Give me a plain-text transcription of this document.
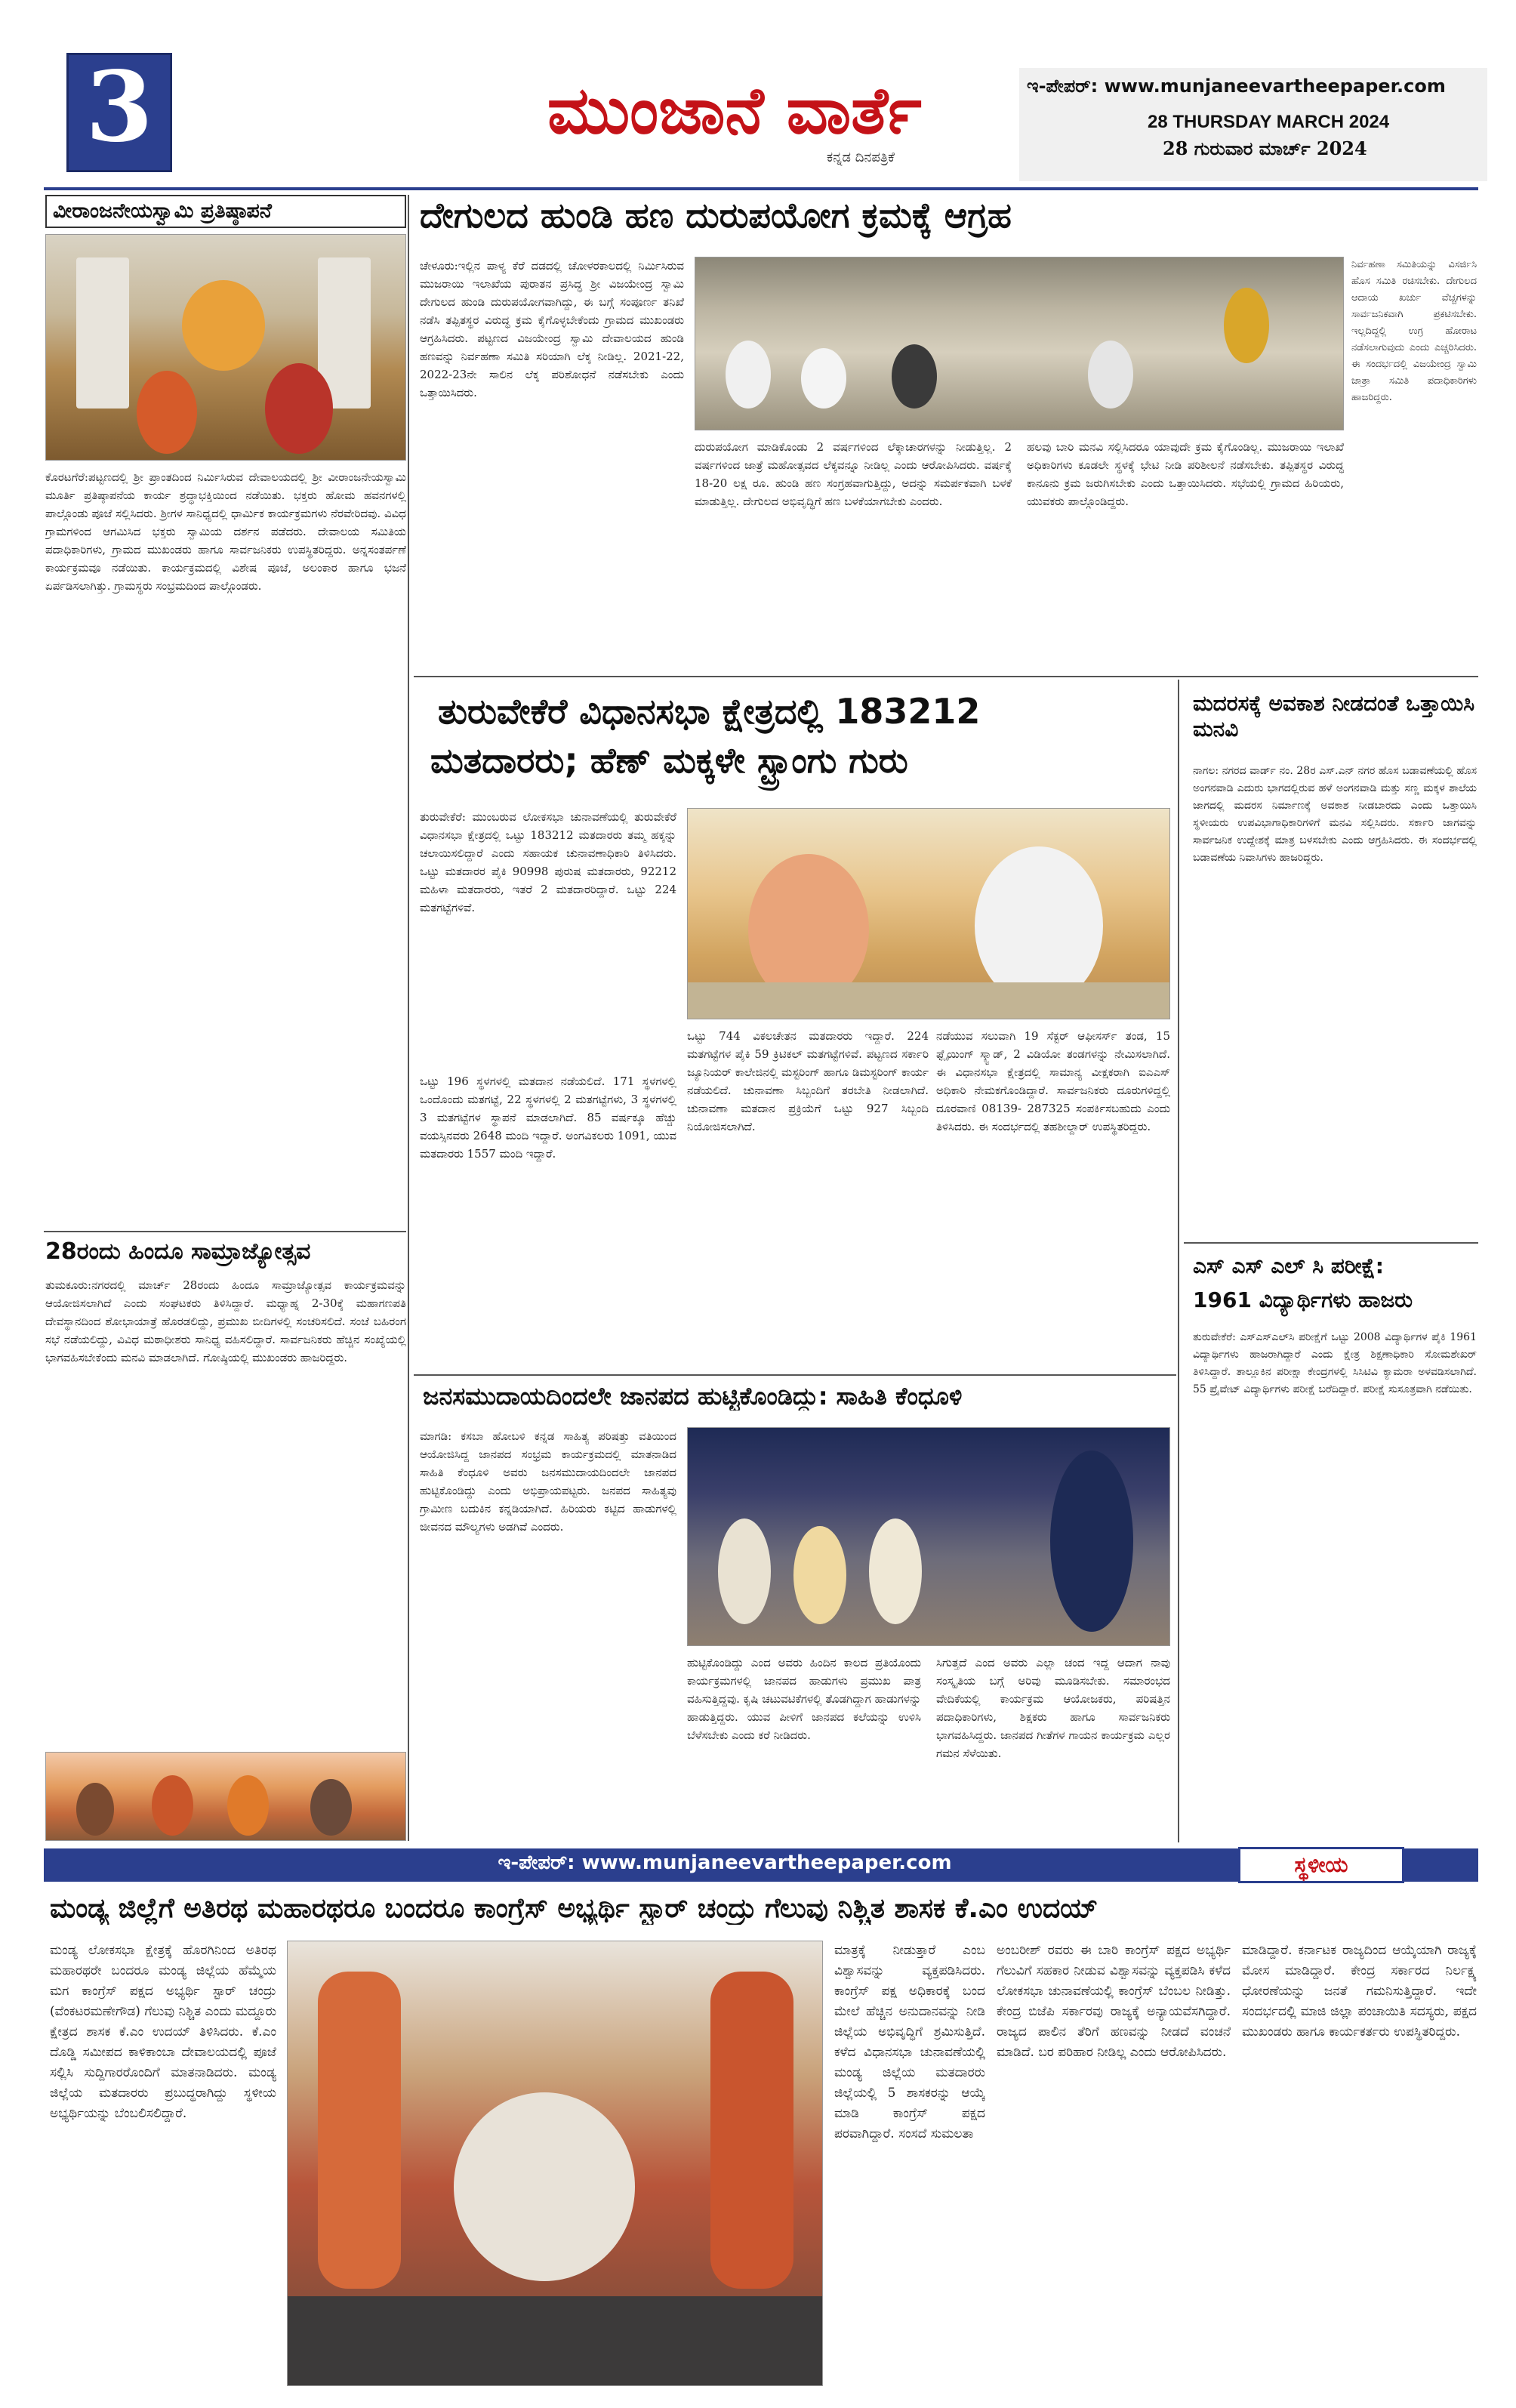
3	ಮುಂಜಾನೆ ವಾರ್ತೆ
ಕನ್ನಡ ದಿನಪತ್ರಿಕೆ
ಇ-ಪೇಪರ್: www.munjaneevartheepaper.com
28 THURSDAY MARCH 2024
28 ಗುರುವಾರ ಮಾರ್ಚ್ 2024
ವೀರಾಂಜನೇಯಸ್ವಾಮಿ ಪ್ರತಿಷ್ಠಾಪನೆ
ಕೊರಟಗೆರೆ:ಪಟ್ಟಣದಲ್ಲಿ ಶ್ರೀ ಪ್ರಾಂತದಿಂದ ನಿರ್ಮಿಸಿರುವ ದೇವಾಲಯದಲ್ಲಿ ಶ್ರೀ ವೀರಾಂಜನೇಯಸ್ವಾಮಿ ಮೂರ್ತಿ ಪ್ರತಿಷ್ಠಾಪನೆಯ ಕಾರ್ಯ ಶ್ರದ್ಧಾಭಕ್ತಿಯಿಂದ ನಡೆಯಿತು. ಭಕ್ತರು ಹೋಮ ಹವನಗಳಲ್ಲಿ ಪಾಲ್ಗೊಂಡು ಪೂಜೆ ಸಲ್ಲಿಸಿದರು. ಶ್ರೀಗಳ ಸಾನಿಧ್ಯದಲ್ಲಿ ಧಾರ್ಮಿಕ ಕಾರ್ಯಕ್ರಮಗಳು ನೆರವೇರಿದವು. ವಿವಿಧ ಗ್ರಾಮಗಳಿಂದ ಆಗಮಿಸಿದ ಭಕ್ತರು ಸ್ವಾಮಿಯ ದರ್ಶನ ಪಡೆದರು. ದೇವಾಲಯ ಸಮಿತಿಯ ಪದಾಧಿಕಾರಿಗಳು, ಗ್ರಾಮದ ಮುಖಂಡರು ಹಾಗೂ ಸಾರ್ವಜನಿಕರು ಉಪಸ್ಥಿತರಿದ್ದರು. ಅನ್ನಸಂತರ್ಪಣೆ ಕಾರ್ಯಕ್ರಮವೂ ನಡೆಯಿತು. ಕಾರ್ಯಕ್ರಮದಲ್ಲಿ ವಿಶೇಷ ಪೂಜೆ, ಅಲಂಕಾರ ಹಾಗೂ ಭಜನೆ ಏರ್ಪಡಿಸಲಾಗಿತ್ತು. ಗ್ರಾಮಸ್ಥರು ಸಂಭ್ರಮದಿಂದ ಪಾಲ್ಗೊಂಡರು.
28ರಂದು ಹಿಂದೂ ಸಾಮ್ರಾಜ್ಯೋತ್ಸವ
ತುಮಕೂರು:ನಗರದಲ್ಲಿ ಮಾರ್ಚ್ 28ರಂದು ಹಿಂದೂ ಸಾಮ್ರಾಜ್ಯೋತ್ಸವ ಕಾರ್ಯಕ್ರಮವನ್ನು ಆಯೋಜಿಸಲಾಗಿದೆ ಎಂದು ಸಂಘಟಕರು ತಿಳಿಸಿದ್ದಾರೆ. ಮಧ್ಯಾಹ್ನ 2-30ಕ್ಕೆ ಮಹಾಗಣಪತಿ ದೇವಸ್ಥಾನದಿಂದ ಶೋಭಾಯಾತ್ರೆ ಹೊರಡಲಿದ್ದು, ಪ್ರಮುಖ ಬೀದಿಗಳಲ್ಲಿ ಸಂಚರಿಸಲಿದೆ. ಸಂಜೆ ಬಹಿರಂಗ ಸಭೆ ನಡೆಯಲಿದ್ದು, ವಿವಿಧ ಮಠಾಧೀಶರು ಸಾನಿಧ್ಯ ವಹಿಸಲಿದ್ದಾರೆ. ಸಾರ್ವಜನಿಕರು ಹೆಚ್ಚಿನ ಸಂಖ್ಯೆಯಲ್ಲಿ ಭಾಗವಹಿಸಬೇಕೆಂದು ಮನವಿ ಮಾಡಲಾಗಿದೆ. ಗೋಷ್ಠಿಯಲ್ಲಿ ಮುಖಂಡರು ಹಾಜರಿದ್ದರು.
ದೇಗುಲದ ಹುಂಡಿ ಹಣ ದುರುಪಯೋಗ ಕ್ರಮಕ್ಕೆ ಆಗ್ರಹ
ಚೇಳೂರು:ಇಲ್ಲಿನ ಪಾಳ್ಯ ಕೆರೆ ದಡದಲ್ಲಿ ಚೋಳರಕಾಲದಲ್ಲಿ ನಿರ್ಮಿಸಿರುವ ಮುಜರಾಯಿ ಇಲಾಖೆಯ ಪುರಾತನ ಪ್ರಸಿದ್ಧ ಶ್ರೀ ವಿಜಯೇಂದ್ರ ಸ್ವಾಮಿ ದೇಗುಲದ ಹುಂಡಿ ದುರುಪಯೋಗವಾಗಿದ್ದು, ಈ ಬಗ್ಗೆ ಸಂಪೂರ್ಣ ತನಿಖೆ ನಡೆಸಿ ತಪ್ಪಿತಸ್ಥರ ವಿರುದ್ಧ ಕ್ರಮ ಕೈಗೊಳ್ಳಬೇಕೆಂದು ಗ್ರಾಮದ ಮುಖಂಡರು ಆಗ್ರಹಿಸಿದರು. ಪಟ್ಟಣದ ವಿಜಯೇಂದ್ರ ಸ್ವಾಮಿ ದೇವಾಲಯದ ಹುಂಡಿ ಹಣವನ್ನು ನಿರ್ವಹಣಾ ಸಮಿತಿ ಸರಿಯಾಗಿ ಲೆಕ್ಕ ನೀಡಿಲ್ಲ. 2021-22, 2022-23ನೇ ಸಾಲಿನ ಲೆಕ್ಕ ಪರಿಶೋಧನೆ ನಡೆಸಬೇಕು ಎಂದು ಒತ್ತಾಯಿಸಿದರು.
ದುರುಪಯೋಗ ಮಾಡಿಕೊಂಡು 2 ವರ್ಷಗಳಿಂದ ಲೆಕ್ಕಾಚಾರಗಳನ್ನು ನೀಡುತ್ತಿಲ್ಲ. 2 ವರ್ಷಗಳಿಂದ ಜಾತ್ರೆ ಮಹೋತ್ಸವದ ಲೆಕ್ಕವನ್ನೂ ನೀಡಿಲ್ಲ ಎಂದು ಆರೋಪಿಸಿದರು. ವರ್ಷಕ್ಕೆ 18-20 ಲಕ್ಷ ರೂ. ಹುಂಡಿ ಹಣ ಸಂಗ್ರಹವಾಗುತ್ತಿದ್ದು, ಅದನ್ನು ಸಮರ್ಪಕವಾಗಿ ಬಳಕೆ ಮಾಡುತ್ತಿಲ್ಲ. ದೇಗುಲದ ಅಭಿವೃದ್ಧಿಗೆ ಹಣ ಬಳಕೆಯಾಗಬೇಕು ಎಂದರು.
ಹಲವು ಬಾರಿ ಮನವಿ ಸಲ್ಲಿಸಿದರೂ ಯಾವುದೇ ಕ್ರಮ ಕೈಗೊಂಡಿಲ್ಲ. ಮುಜರಾಯಿ ಇಲಾಖೆ ಅಧಿಕಾರಿಗಳು ಕೂಡಲೇ ಸ್ಥಳಕ್ಕೆ ಭೇಟಿ ನೀಡಿ ಪರಿಶೀಲನೆ ನಡೆಸಬೇಕು. ತಪ್ಪಿತಸ್ಥರ ವಿರುದ್ಧ ಕಾನೂನು ಕ್ರಮ ಜರುಗಿಸಬೇಕು ಎಂದು ಒತ್ತಾಯಿಸಿದರು. ಸಭೆಯಲ್ಲಿ ಗ್ರಾಮದ ಹಿರಿಯರು, ಯುವಕರು ಪಾಲ್ಗೊಂಡಿದ್ದರು.
ನಿರ್ವಹಣಾ ಸಮಿತಿಯನ್ನು ವಿಸರ್ಜಿಸಿ ಹೊಸ ಸಮಿತಿ ರಚಿಸಬೇಕು. ದೇಗುಲದ ಆದಾಯ ಖರ್ಚು ವೆಚ್ಚಗಳನ್ನು ಸಾರ್ವಜನಿಕವಾಗಿ ಪ್ರಕಟಿಸಬೇಕು. ಇಲ್ಲದಿದ್ದಲ್ಲಿ ಉಗ್ರ ಹೋರಾಟ ನಡೆಸಲಾಗುವುದು ಎಂದು ಎಚ್ಚರಿಸಿದರು. ಈ ಸಂದರ್ಭದಲ್ಲಿ ವಿಜಯೇಂದ್ರ ಸ್ವಾಮಿ ಜಾತ್ರಾ ಸಮಿತಿ ಪದಾಧಿಕಾರಿಗಳು ಹಾಜರಿದ್ದರು.
ತುರುವೇಕೆರೆ ವಿಧಾನಸಭಾ ಕ್ಷೇತ್ರದಲ್ಲಿ 183212
ಮತದಾರರು; ಹೆಣ್ ಮಕ್ಕಳೇ ಸ್ಟ್ರಾಂಗು ಗುರು
ತುರುವೇಕೆರೆ: ಮುಂಬರುವ ಲೋಕಸಭಾ ಚುನಾವಣೆಯಲ್ಲಿ ತುರುವೇಕೆರೆ ವಿಧಾನಸಭಾ ಕ್ಷೇತ್ರದಲ್ಲಿ ಒಟ್ಟು 183212 ಮತದಾರರು ತಮ್ಮ ಹಕ್ಕನ್ನು ಚಲಾಯಿಸಲಿದ್ದಾರೆ ಎಂದು ಸಹಾಯಕ ಚುನಾವಣಾಧಿಕಾರಿ ತಿಳಿಸಿದರು. ಒಟ್ಟು ಮತದಾರರ ಪೈಕಿ 90998 ಪುರುಷ ಮತದಾರರು, 92212 ಮಹಿಳಾ ಮತದಾರರು, ಇತರೆ 2 ಮತದಾರರಿದ್ದಾರೆ. ಒಟ್ಟು 224 ಮತಗಟ್ಟೆಗಳಿವೆ.
ಒಟ್ಟು 196 ಸ್ಥಳಗಳಲ್ಲಿ ಮತದಾನ ನಡೆಯಲಿದೆ. 171 ಸ್ಥಳಗಳಲ್ಲಿ ಒಂದೊಂದು ಮತಗಟ್ಟೆ, 22 ಸ್ಥಳಗಳಲ್ಲಿ 2 ಮತಗಟ್ಟೆಗಳು, 3 ಸ್ಥಳಗಳಲ್ಲಿ 3 ಮತಗಟ್ಟೆಗಳ ಸ್ಥಾಪನೆ ಮಾಡಲಾಗಿದೆ. 85 ವರ್ಷಕ್ಕೂ ಹೆಚ್ಚು ವಯಸ್ಸಿನವರು 2648 ಮಂದಿ ಇದ್ದಾರೆ. ಅಂಗವಿಕಲರು 1091, ಯುವ ಮತದಾರರು 1557 ಮಂದಿ ಇದ್ದಾರೆ.
ಒಟ್ಟು 744 ವಿಕಲಚೇತನ ಮತದಾರರು ಇದ್ದಾರೆ. 224 ಮತಗಟ್ಟೆಗಳ ಪೈಕಿ 59 ಕ್ರಿಟಿಕಲ್ ಮತಗಟ್ಟೆಗಳಿವೆ. ಪಟ್ಟಣದ ಸರ್ಕಾರಿ ಜ್ಯೂನಿಯರ್ ಕಾಲೇಜಿನಲ್ಲಿ ಮಸ್ಟರಿಂಗ್ ಹಾಗೂ ಡಿಮಸ್ಟರಿಂಗ್ ಕಾರ್ಯ ನಡೆಯಲಿದೆ. ಚುನಾವಣಾ ಸಿಬ್ಬಂದಿಗೆ ತರಬೇತಿ ನೀಡಲಾಗಿದೆ. ಚುನಾವಣಾ ಮತದಾನ ಪ್ರಕ್ರಿಯೆಗೆ ಒಟ್ಟು 927 ಸಿಬ್ಬಂದಿ ನಿಯೋಜಿಸಲಾಗಿದೆ.
ನಡೆಯುವ ಸಲುವಾಗಿ 19 ಸೆಕ್ಟರ್ ಆಫೀಸರ್ಸ್ ತಂಡ, 15 ಫ್ಲೈಯಿಂಗ್ ಸ್ಕ್ವಾಡ್, 2 ವಿಡಿಯೋ ತಂಡಗಳನ್ನು ನೇಮಿಸಲಾಗಿದೆ. ಈ ವಿಧಾನಸಭಾ ಕ್ಷೇತ್ರದಲ್ಲಿ ಸಾಮಾನ್ಯ ವೀಕ್ಷಕರಾಗಿ ಐಎಎಸ್ ಅಧಿಕಾರಿ ನೇಮಕಗೊಂಡಿದ್ದಾರೆ. ಸಾರ್ವಜನಿಕರು ದೂರುಗಳಿದ್ದಲ್ಲಿ ದೂರವಾಣಿ 08139- 287325 ಸಂಪರ್ಕಿಸಬಹುದು ಎಂದು ತಿಳಿಸಿದರು. ಈ ಸಂದರ್ಭದಲ್ಲಿ ತಹಶೀಲ್ದಾರ್ ಉಪಸ್ಥಿತರಿದ್ದರು.
ಮದರಸಕ್ಕೆ ಅವಕಾಶ ನೀಡದಂತೆ ಒತ್ತಾಯಿಸಿ ಮನವಿ
ನಾಗಲ: ನಗರದ ವಾರ್ಡ್ ನಂ. 28ರ ಎಸ್.ಎನ್ ನಗರ ಹೊಸ ಬಡಾವಣೆಯಲ್ಲಿ ಹೊಸ ಅಂಗನವಾಡಿ ಎದುರು ಭಾಗದಲ್ಲಿರುವ ಹಳೆ ಅಂಗನವಾಡಿ ಮತ್ತು ಸಣ್ಣ ಮಕ್ಕಳ ಶಾಲೆಯ ಜಾಗದಲ್ಲಿ ಮದರಸ ನಿರ್ಮಾಣಕ್ಕೆ ಅವಕಾಶ ನೀಡಬಾರದು ಎಂದು ಒತ್ತಾಯಿಸಿ ಸ್ಥಳೀಯರು ಉಪವಿಭಾಗಾಧಿಕಾರಿಗಳಿಗೆ ಮನವಿ ಸಲ್ಲಿಸಿದರು. ಸರ್ಕಾರಿ ಜಾಗವನ್ನು ಸಾರ್ವಜನಿಕ ಉದ್ದೇಶಕ್ಕೆ ಮಾತ್ರ ಬಳಸಬೇಕು ಎಂದು ಆಗ್ರಹಿಸಿದರು. ಈ ಸಂದರ್ಭದಲ್ಲಿ ಬಡಾವಣೆಯ ನಿವಾಸಿಗಳು ಹಾಜರಿದ್ದರು.
ಎಸ್ ಎಸ್ ಎಲ್ ಸಿ ಪರೀಕ್ಷೆ:
1961 ವಿದ್ಯಾರ್ಥಿಗಳು ಹಾಜರು
ತುರುವೇಕೆರೆ: ಎಸ್‌ಎಸ್‌ಎಲ್‌ಸಿ ಪರೀಕ್ಷೆಗೆ ಒಟ್ಟು 2008 ವಿದ್ಯಾರ್ಥಿಗಳ ಪೈಕಿ 1961 ವಿದ್ಯಾರ್ಥಿಗಳು ಹಾಜರಾಗಿದ್ದಾರೆ ಎಂದು ಕ್ಷೇತ್ರ ಶಿಕ್ಷಣಾಧಿಕಾರಿ ಸೋಮಶೇಖರ್ ತಿಳಿಸಿದ್ದಾರೆ. ತಾಲ್ಲೂಕಿನ ಪರೀಕ್ಷಾ ಕೇಂದ್ರಗಳಲ್ಲಿ ಸಿಸಿಟಿವಿ ಕ್ಯಾಮರಾ ಅಳವಡಿಸಲಾಗಿದೆ. 55 ಪ್ರೈವೇಟ್ ವಿದ್ಯಾರ್ಥಿಗಳು ಪರೀಕ್ಷೆ ಬರೆದಿದ್ದಾರೆ. ಪರೀಕ್ಷೆ ಸುಸೂತ್ರವಾಗಿ ನಡೆಯಿತು.
ಜನಸಮುದಾಯದಿಂದಲೇ ಜಾನಪದ ಹುಟ್ಟಿಕೊಂಡಿದ್ದು: ಸಾಹಿತಿ ಕೆಂಧೂಳಿ
ಮಾಗಡಿ: ಕಸಬಾ ಹೋಬಳಿ ಕನ್ನಡ ಸಾಹಿತ್ಯ ಪರಿಷತ್ತು ವತಿಯಿಂದ ಆಯೋಜಿಸಿದ್ದ ಜಾನಪದ ಸಂಭ್ರಮ ಕಾರ್ಯಕ್ರಮದಲ್ಲಿ ಮಾತನಾಡಿದ ಸಾಹಿತಿ ಕೆಂಧೂಳಿ ಅವರು ಜನಸಮುದಾಯದಿಂದಲೇ ಜಾನಪದ ಹುಟ್ಟಿಕೊಂಡಿದ್ದು ಎಂದು ಅಭಿಪ್ರಾಯಪಟ್ಟರು. ಜನಪದ ಸಾಹಿತ್ಯವು ಗ್ರಾಮೀಣ ಬದುಕಿನ ಕನ್ನಡಿಯಾಗಿದೆ. ಹಿರಿಯರು ಕಟ್ಟಿದ ಹಾಡುಗಳಲ್ಲಿ ಜೀವನದ ಮೌಲ್ಯಗಳು ಅಡಗಿವೆ ಎಂದರು.
ಹುಟ್ಟಿಕೊಂಡಿದ್ದು ಎಂದ ಅವರು ಹಿಂದಿನ ಕಾಲದ ಪ್ರತಿಯೊಂದು ಕಾರ್ಯಕ್ರಮಗಳಲ್ಲಿ ಜಾನಪದ ಹಾಡುಗಳು ಪ್ರಮುಖ ಪಾತ್ರ ವಹಿಸುತ್ತಿದ್ದವು. ಕೃಷಿ ಚಟುವಟಿಕೆಗಳಲ್ಲಿ ತೊಡಗಿದ್ದಾಗ ಹಾಡುಗಳನ್ನು ಹಾಡುತ್ತಿದ್ದರು. ಯುವ ಪೀಳಿಗೆ ಜಾನಪದ ಕಲೆಯನ್ನು ಉಳಿಸಿ ಬೆಳೆಸಬೇಕು ಎಂದು ಕರೆ ನೀಡಿದರು.
ಸಿಗುತ್ತದೆ ಎಂದ ಅವರು ಎಲ್ಲಾ ಚಂದ ಇದ್ದ ಆದಾಗ ನಾವು ಸಂಸ್ಕೃತಿಯ ಬಗ್ಗೆ ಅರಿವು ಮೂಡಿಸಬೇಕು. ಸಮಾರಂಭದ ವೇದಿಕೆಯಲ್ಲಿ ಕಾರ್ಯಕ್ರಮ ಆಯೋಜಕರು, ಪರಿಷತ್ತಿನ ಪದಾಧಿಕಾರಿಗಳು, ಶಿಕ್ಷಕರು ಹಾಗೂ ಸಾರ್ವಜನಿಕರು ಭಾಗವಹಿಸಿದ್ದರು. ಜಾನಪದ ಗೀತೆಗಳ ಗಾಯನ ಕಾರ್ಯಕ್ರಮ ಎಲ್ಲರ ಗಮನ ಸೆಳೆಯಿತು.
ಇ-ಪೇಪರ್: www.munjaneevartheepaper.com	ಸ್ಥಳೀಯ
ಮಂಡ್ಯ ಜಿಲ್ಲೆಗೆ ಅತಿರಥ ಮಹಾರಥರೂ ಬಂದರೂ ಕಾಂಗ್ರೆಸ್ ಅಭ್ಯರ್ಥಿ ಸ್ಟಾರ್ ಚಂದ್ರು ಗೆಲುವು ನಿಶ್ಚಿತ ಶಾಸಕ ಕೆ.ಎಂ ಉದಯ್
ಮಂಡ್ಯ ಲೋಕಸಭಾ ಕ್ಷೇತ್ರಕ್ಕೆ ಹೊರಗಿನಿಂದ ಅತಿರಥ ಮಹಾರಥರೇ ಬಂದರೂ ಮಂಡ್ಯ ಜಿಲ್ಲೆಯ ಹೆಮ್ಮೆಯ ಮಗ ಕಾಂಗ್ರೆಸ್ ಪಕ್ಷದ ಅಭ್ಯರ್ಥಿ ಸ್ಟಾರ್ ಚಂದ್ರು (ವೆಂಕಟರಮಣೇಗೌಡ) ಗೆಲುವು ನಿಶ್ಚಿತ ಎಂದು ಮದ್ದೂರು ಕ್ಷೇತ್ರದ ಶಾಸಕ ಕೆ.ಎಂ ಉದಯ್ ತಿಳಿಸಿದರು. ಕೆ.ಎಂ ದೊಡ್ಡಿ ಸಮೀಪದ ಕಾಳಿಕಾಂಬಾ ದೇವಾಲಯದಲ್ಲಿ ಪೂಜೆ ಸಲ್ಲಿಸಿ ಸುದ್ದಿಗಾರರೊಂದಿಗೆ ಮಾತನಾಡಿದರು. ಮಂಡ್ಯ ಜಿಲ್ಲೆಯ ಮತದಾರರು ಪ್ರಬುದ್ಧರಾಗಿದ್ದು ಸ್ಥಳೀಯ ಅಭ್ಯರ್ಥಿಯನ್ನು ಬೆಂಬಲಿಸಲಿದ್ದಾರೆ.
ಮಾತ್ರಕ್ಕೆ ನೀಡುತ್ತಾರೆ ಎಂಬ ವಿಶ್ವಾಸವನ್ನು ವ್ಯಕ್ತಪಡಿಸಿದರು. ಕಾಂಗ್ರೆಸ್ ಪಕ್ಷ ಅಧಿಕಾರಕ್ಕೆ ಬಂದ ಮೇಲೆ ಹೆಚ್ಚಿನ ಅನುದಾನವನ್ನು ನೀಡಿ ಜಿಲ್ಲೆಯ ಅಭಿವೃದ್ಧಿಗೆ ಶ್ರಮಿಸುತ್ತಿದೆ. ಕಳೆದ ವಿಧಾನಸಭಾ ಚುನಾವಣೆಯಲ್ಲಿ ಮಂಡ್ಯ ಜಿಲ್ಲೆಯ ಮತದಾರರು ಜಿಲ್ಲೆಯಲ್ಲಿ 5 ಶಾಸಕರನ್ನು ಆಯ್ಕೆ ಮಾಡಿ ಕಾಂಗ್ರೆಸ್ ಪಕ್ಷದ ಪರವಾಗಿದ್ದಾರೆ. ಸಂಸದೆ ಸುಮಲತಾ
ಅಂಬರೀಶ್ ರವರು ಈ ಬಾರಿ ಕಾಂಗ್ರೆಸ್ ಪಕ್ಷದ ಅಭ್ಯರ್ಥಿ ಗೆಲುವಿಗೆ ಸಹಕಾರ ನೀಡುವ ವಿಶ್ವಾಸವನ್ನು ವ್ಯಕ್ತಪಡಿಸಿ ಕಳೆದ ಲೋಕಸಭಾ ಚುನಾವಣೆಯಲ್ಲಿ ಕಾಂಗ್ರೆಸ್ ಬೆಂಬಲ ನೀಡಿತ್ತು. ಕೇಂದ್ರ ಬಿಜೆಪಿ ಸರ್ಕಾರವು ರಾಜ್ಯಕ್ಕೆ ಅನ್ಯಾಯವೆಸಗಿದ್ದಾರೆ. ರಾಜ್ಯದ ಪಾಲಿನ ತೆರಿಗೆ ಹಣವನ್ನು ನೀಡದೆ ವಂಚನೆ ಮಾಡಿದೆ. ಬರ ಪರಿಹಾರ ನೀಡಿಲ್ಲ ಎಂದು ಆರೋಪಿಸಿದರು.
ಮಾಡಿದ್ದಾರೆ. ಕರ್ನಾಟಕ ರಾಜ್ಯದಿಂದ ಆಯ್ಕೆಯಾಗಿ ರಾಜ್ಯಕ್ಕೆ ಮೋಸ ಮಾಡಿದ್ದಾರೆ. ಕೇಂದ್ರ ಸರ್ಕಾರದ ನಿರ್ಲಕ್ಷ್ಯ ಧೋರಣೆಯನ್ನು ಜನತೆ ಗಮನಿಸುತ್ತಿದ್ದಾರೆ. ಇದೇ ಸಂದರ್ಭದಲ್ಲಿ ಮಾಜಿ ಜಿಲ್ಲಾ ಪಂಚಾಯಿತಿ ಸದಸ್ಯರು, ಪಕ್ಷದ ಮುಖಂಡರು ಹಾಗೂ ಕಾರ್ಯಕರ್ತರು ಉಪಸ್ಥಿತರಿದ್ದರು.
